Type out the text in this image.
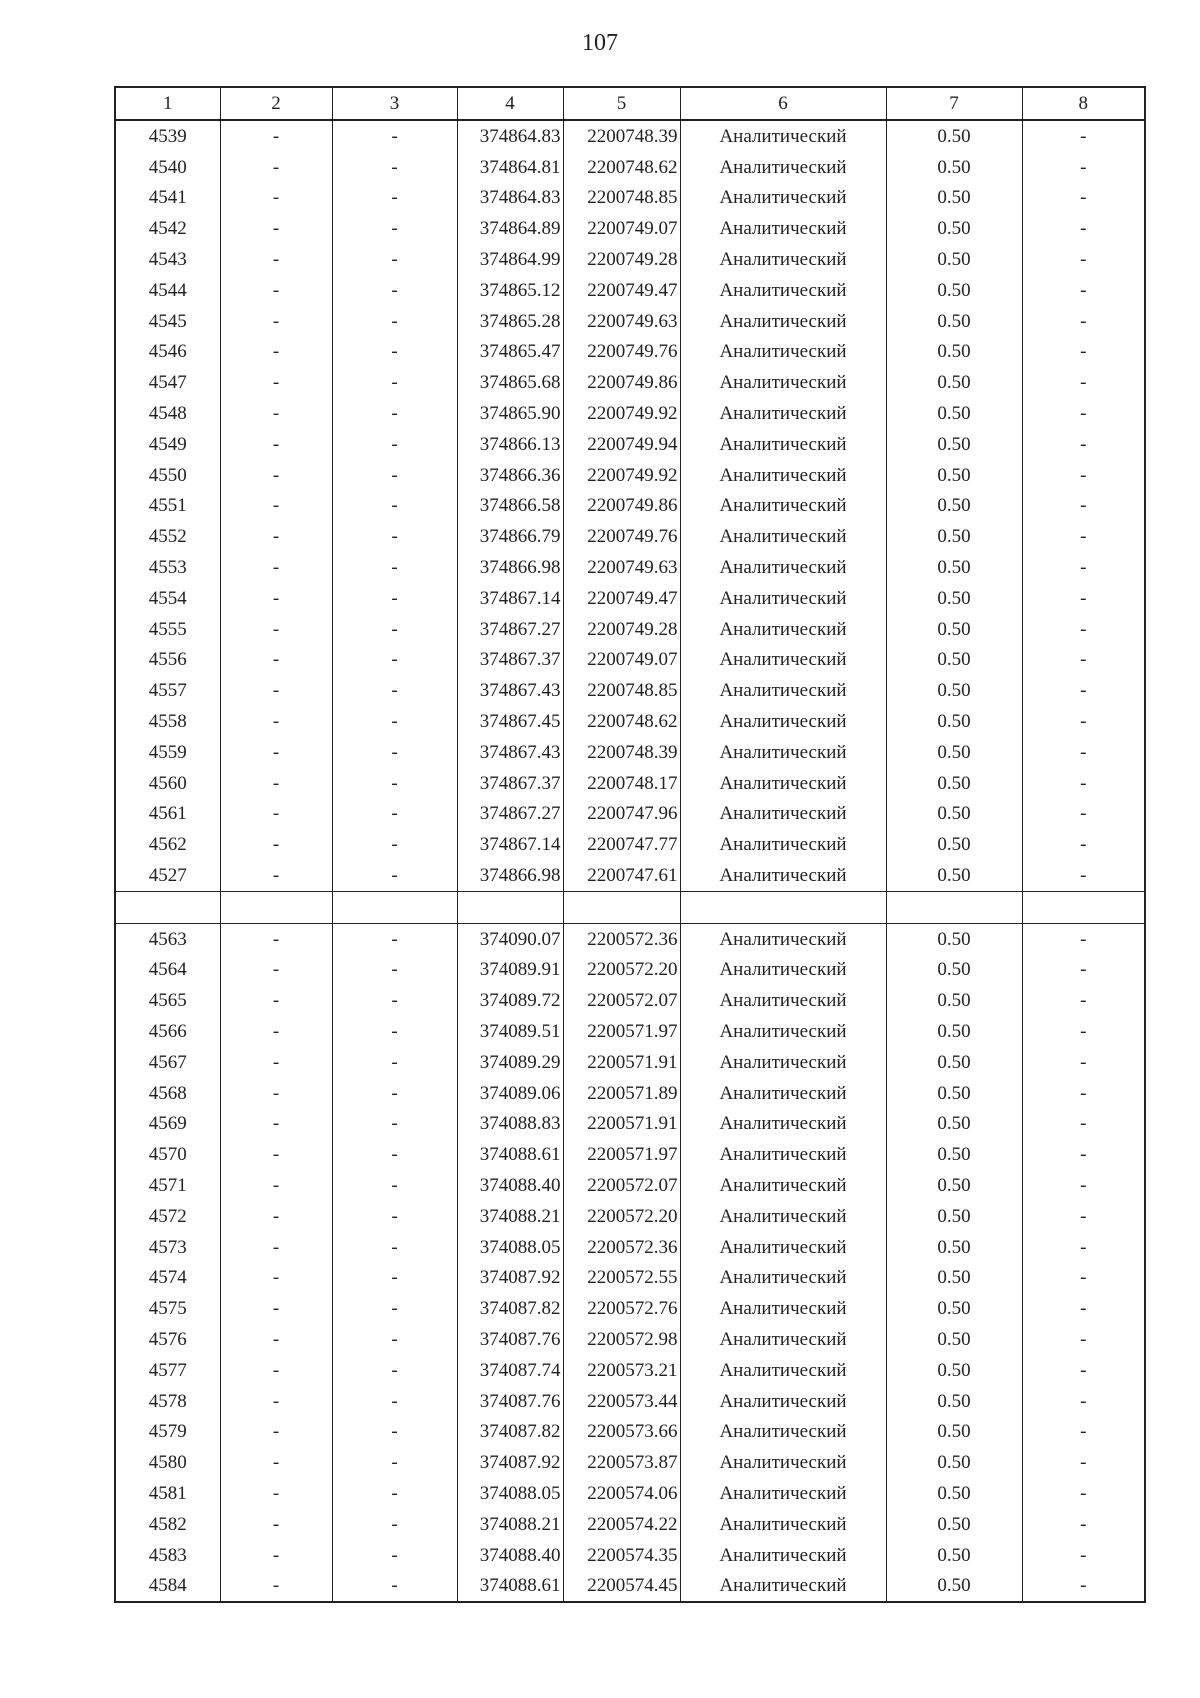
107
1	2	3	4	5	6	7	8
4539	-	-	374864.83	2200748.39	Аналитический	0.50	-
4540	-	-	374864.81	2200748.62	Аналитический	0.50	-
4541	-	-	374864.83	2200748.85	Аналитический	0.50	-
4542	-	-	374864.89	2200749.07	Аналитический	0.50	-
4543	-	-	374864.99	2200749.28	Аналитический	0.50	-
4544	-	-	374865.12	2200749.47	Аналитический	0.50	-
4545	-	-	374865.28	2200749.63	Аналитический	0.50	-
4546	-	-	374865.47	2200749.76	Аналитический	0.50	-
4547	-	-	374865.68	2200749.86	Аналитический	0.50	-
4548	-	-	374865.90	2200749.92	Аналитический	0.50	-
4549	-	-	374866.13	2200749.94	Аналитический	0.50	-
4550	-	-	374866.36	2200749.92	Аналитический	0.50	-
4551	-	-	374866.58	2200749.86	Аналитический	0.50	-
4552	-	-	374866.79	2200749.76	Аналитический	0.50	-
4553	-	-	374866.98	2200749.63	Аналитический	0.50	-
4554	-	-	374867.14	2200749.47	Аналитический	0.50	-
4555	-	-	374867.27	2200749.28	Аналитический	0.50	-
4556	-	-	374867.37	2200749.07	Аналитический	0.50	-
4557	-	-	374867.43	2200748.85	Аналитический	0.50	-
4558	-	-	374867.45	2200748.62	Аналитический	0.50	-
4559	-	-	374867.43	2200748.39	Аналитический	0.50	-
4560	-	-	374867.37	2200748.17	Аналитический	0.50	-
4561	-	-	374867.27	2200747.96	Аналитический	0.50	-
4562	-	-	374867.14	2200747.77	Аналитический	0.50	-
4527	-	-	374866.98	2200747.61	Аналитический	0.50	-

4563	-	-	374090.07	2200572.36	Аналитический	0.50	-
4564	-	-	374089.91	2200572.20	Аналитический	0.50	-
4565	-	-	374089.72	2200572.07	Аналитический	0.50	-
4566	-	-	374089.51	2200571.97	Аналитический	0.50	-
4567	-	-	374089.29	2200571.91	Аналитический	0.50	-
4568	-	-	374089.06	2200571.89	Аналитический	0.50	-
4569	-	-	374088.83	2200571.91	Аналитический	0.50	-
4570	-	-	374088.61	2200571.97	Аналитический	0.50	-
4571	-	-	374088.40	2200572.07	Аналитический	0.50	-
4572	-	-	374088.21	2200572.20	Аналитический	0.50	-
4573	-	-	374088.05	2200572.36	Аналитический	0.50	-
4574	-	-	374087.92	2200572.55	Аналитический	0.50	-
4575	-	-	374087.82	2200572.76	Аналитический	0.50	-
4576	-	-	374087.76	2200572.98	Аналитический	0.50	-
4577	-	-	374087.74	2200573.21	Аналитический	0.50	-
4578	-	-	374087.76	2200573.44	Аналитический	0.50	-
4579	-	-	374087.82	2200573.66	Аналитический	0.50	-
4580	-	-	374087.92	2200573.87	Аналитический	0.50	-
4581	-	-	374088.05	2200574.06	Аналитический	0.50	-
4582	-	-	374088.21	2200574.22	Аналитический	0.50	-
4583	-	-	374088.40	2200574.35	Аналитический	0.50	-
4584	-	-	374088.61	2200574.45	Аналитический	0.50	-
